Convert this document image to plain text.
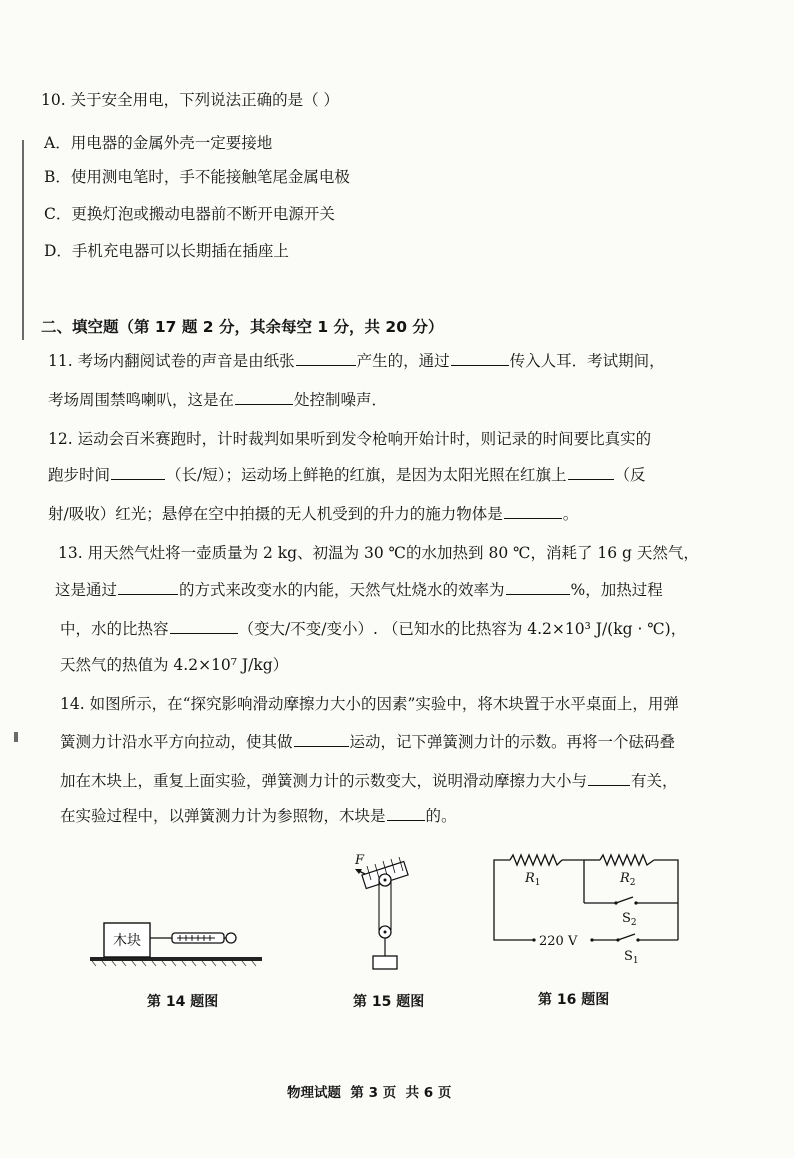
10. 关于安全用电，下列说法正确的是（ ）
A．用电器的金属外壳一定要接地
B．使用测电笔时，手不能接触笔尾金属电极
C．更换灯泡或搬动电器前不断开电源开关
D．手机充电器可以长期插在插座上
二、填空题（第 17 题 2 分，其余每空 1 分，共 20 分）
11. 考场内翻阅试卷的声音是由纸张	产生的，通过	传入人耳．考试期间，
考场周围禁鸣喇叭，这是在	处控制噪声．
12. 运动会百米赛跑时，计时裁判如果听到发令枪响开始计时，则记录的时间要比真实的
跑步时间	（长/短）；运动场上鲜艳的红旗，是因为太阳光照在红旗上	（反
射/吸收）红光；悬停在空中拍摄的无人机受到的升力的施力物体是	。
13. 用天然气灶将一壶质量为 2 kg、初温为 30 ℃的水加热到 80 ℃，消耗了 16 g 天然气，
这是通过	的方式来改变水的内能，天然气灶烧水的效率为	%，加热过程
中，水的比热容	（变大/不变/变小）. （已知水的比热容为 4.2×10³ J/(kg · ℃)，
天然气的热值为 4.2×10⁷ J/kg）
14. 如图所示，在“探究影响滑动摩擦力大小的因素”实验中，将木块置于水平桌面上，用弹
簧测力计沿水平方向拉动，使其做	运动，记下弹簧测力计的示数。再将一个砝码叠
加在木块上，重复上面实验，弹簧测力计的示数变大，说明滑动摩擦力大小与	有关，
在实验过程中，以弹簧测力计为参照物，木块是	的。
木块
第 14 题图
F
第 15 题图
$R_1$	$R_2$
$S_2$
$S_1$
220 V
第 16 题图
物理试题  第 3 页  共 6 页
